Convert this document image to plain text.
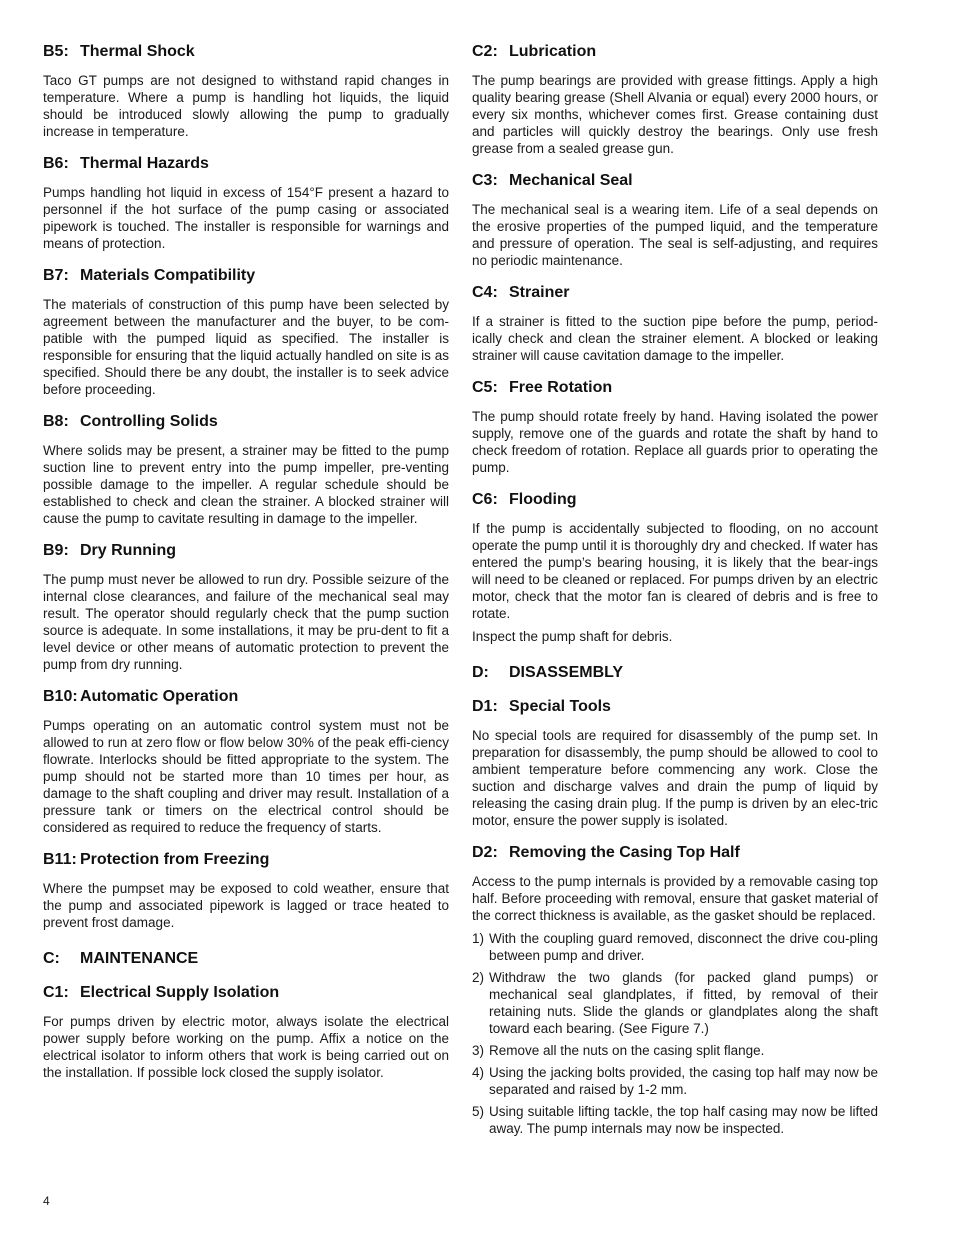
B5: Thermal Shock

Taco GT pumps are not designed to withstand rapid changes in temperature. Where a pump is handling hot liquids, the liquid should be introduced slowly allowing the pump to gradually increase in temperature.

B6: Thermal Hazards

Pumps handling hot liquid in excess of 154°F present a hazard to personnel if the hot surface of the pump casing or associated pipework is touched. The installer is responsible for warnings and means of protection.

B7: Materials Compatibility

The materials of construction of this pump have been selected by agreement between the manufacturer and the buyer, to be com-patible with the pumped liquid as specified. The installer is responsible for ensuring that the liquid actually handled on site is as specified. Should there be any doubt, the installer is to seek advice before proceeding.

B8: Controlling Solids

Where solids may be present, a strainer may be fitted to the pump suction line to prevent entry into the pump impeller, pre-venting possible damage to the impeller. A regular schedule should be established to check and clean the strainer. A blocked strainer will cause the pump to cavitate resulting in damage to the impeller.

B9: Dry Running

The pump must never be allowed to run dry. Possible seizure of the internal close clearances, and failure of the mechanical seal may result. The operator should regularly check that the pump suction source is adequate. In some installations, it may be pru-dent to fit a level device or other means of automatic protection to prevent the pump from dry running.

B10: Automatic Operation

Pumps operating on an automatic control system must not be allowed to run at zero flow or flow below 30% of the peak effi-ciency flowrate. Interlocks should be fitted appropriate to the system. The pump should not be started more than 10 times per hour, as damage to the shaft coupling and driver may result. Installation of a pressure tank or timers on the electrical control should be considered as required to reduce the frequency of starts.

B11: Protection from Freezing

Where the pumpset may be exposed to cold weather, ensure that the pump and associated pipework is lagged or trace heated to prevent frost damage.

C: MAINTENANCE
C1: Electrical Supply Isolation

For pumps driven by electric motor, always isolate the electrical power supply before working on the pump. Affix a notice on the electrical isolator to inform others that work is being carried out on the installation. If possible lock closed the supply isolator.

C2: Lubrication

The pump bearings are provided with grease fittings. Apply a high quality bearing grease (Shell Alvania or equal) every 2000 hours, or every six months, whichever comes first. Grease containing dust and particles will quickly destroy the bearings. Only use fresh grease from a sealed grease gun.

C3: Mechanical Seal

The mechanical seal is a wearing item. Life of a seal depends on the erosive properties of the pumped liquid, and the temperature and pressure of operation. The seal is self-adjusting, and requires no periodic maintenance.

C4: Strainer

If a strainer is fitted to the suction pipe before the pump, period-ically check and clean the strainer element. A blocked or leaking strainer will cause cavitation damage to the impeller.

C5: Free Rotation

The pump should rotate freely by hand. Having isolated the power supply, remove one of the guards and rotate the shaft by hand to check freedom of rotation. Replace all guards prior to operating the pump.

C6: Flooding

If the pump is accidentally subjected to flooding, on no account operate the pump until it is thoroughly dry and checked. If water has entered the pump’s bearing housing, it is likely that the bear-ings will need to be cleaned or replaced. For pumps driven by an electric motor, check that the motor fan is cleared of debris and is free to rotate.

Inspect the pump shaft for debris.

D: DISASSEMBLY
D1: Special Tools

No special tools are required for disassembly of the pump set. In preparation for disassembly, the pump should be allowed to cool to ambient temperature before commencing any work. Close the suction and discharge valves and drain the pump of liquid by releasing the casing drain plug. If the pump is driven by an elec-tric motor, ensure the power supply is isolated.

D2: Removing the Casing Top Half

Access to the pump internals is provided by a removable casing top half. Before proceeding with removal, ensure that gasket material of the correct thickness is available, as the gasket should be replaced.

1) With the coupling guard removed, disconnect the drive cou-pling between pump and driver.
2) Withdraw the two glands (for packed gland pumps) or mechanical seal glandplates, if fitted, by removal of their retaining nuts. Slide the glands or glandplates along the shaft toward each bearing. (See Figure 7.)
3) Remove all the nuts on the casing split flange.
4) Using the jacking bolts provided, the casing top half may now be separated and raised by 1-2 mm.
5) Using suitable lifting tackle, the top half casing may now be lifted away. The pump internals may now be inspected.
4
